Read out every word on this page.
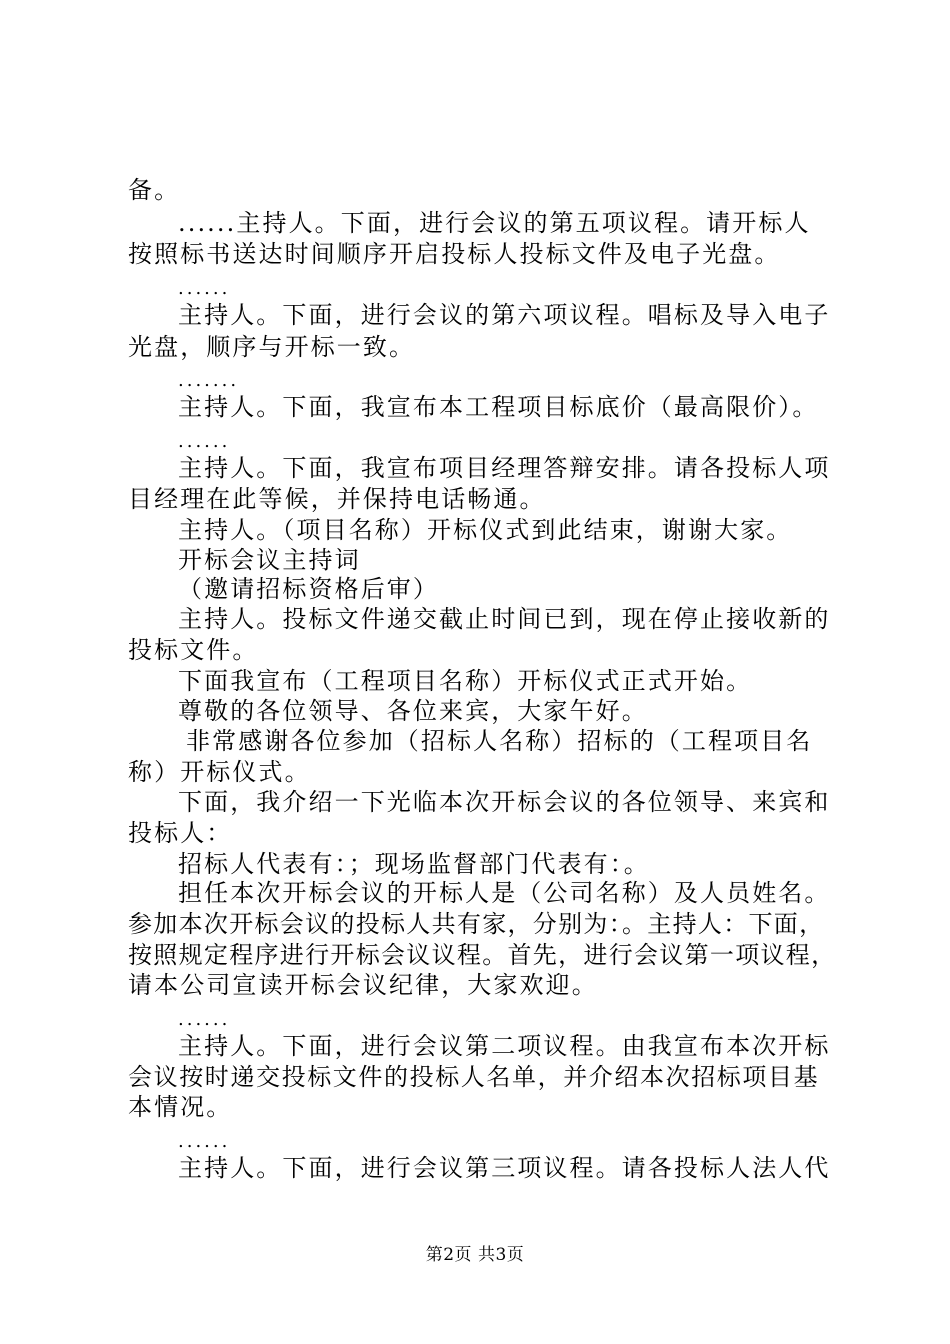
备。
......主持人。下面，进行会议的第五项议程。请开标人
按照标书送达时间顺序开启投标人投标文件及电子光盘。
......
主持人。下面，进行会议的第六项议程。唱标及导入电子
光盘，顺序与开标一致。
.......
主持人。下面，我宣布本工程项目标底价（最高限价）。
......
主持人。下面，我宣布项目经理答辩安排。请各投标人项
目经理在此等候，并保持电话畅通。
主持人。（项目名称）开标仪式到此结束，谢谢大家。
开标会议主持词
（邀请招标资格后审）
主持人。投标文件递交截止时间已到，现在停止接收新的
投标文件。
下面我宣布（工程项目名称）开标仪式正式开始。
尊敬的各位领导、各位来宾，大家午好。
非常感谢各位参加（招标人名称）招标的（工程项目名
称）开标仪式。
下面，我介绍一下光临本次开标会议的各位领导、来宾和
投标人：
招标人代表有：；现场监督部门代表有：。
担任本次开标会议的开标人是（公司名称）及人员姓名。
参加本次开标会议的投标人共有家，分别为：。主持人：下面，
按照规定程序进行开标会议议程。首先，进行会议第一项议程，
请本公司宣读开标会议纪律，大家欢迎。
......
主持人。下面，进行会议第二项议程。由我宣布本次开标
会议按时递交投标文件的投标人名单，并介绍本次招标项目基
本情况。
......
主持人。下面，进行会议第三项议程。请各投标人法人代
第2页 共3页
